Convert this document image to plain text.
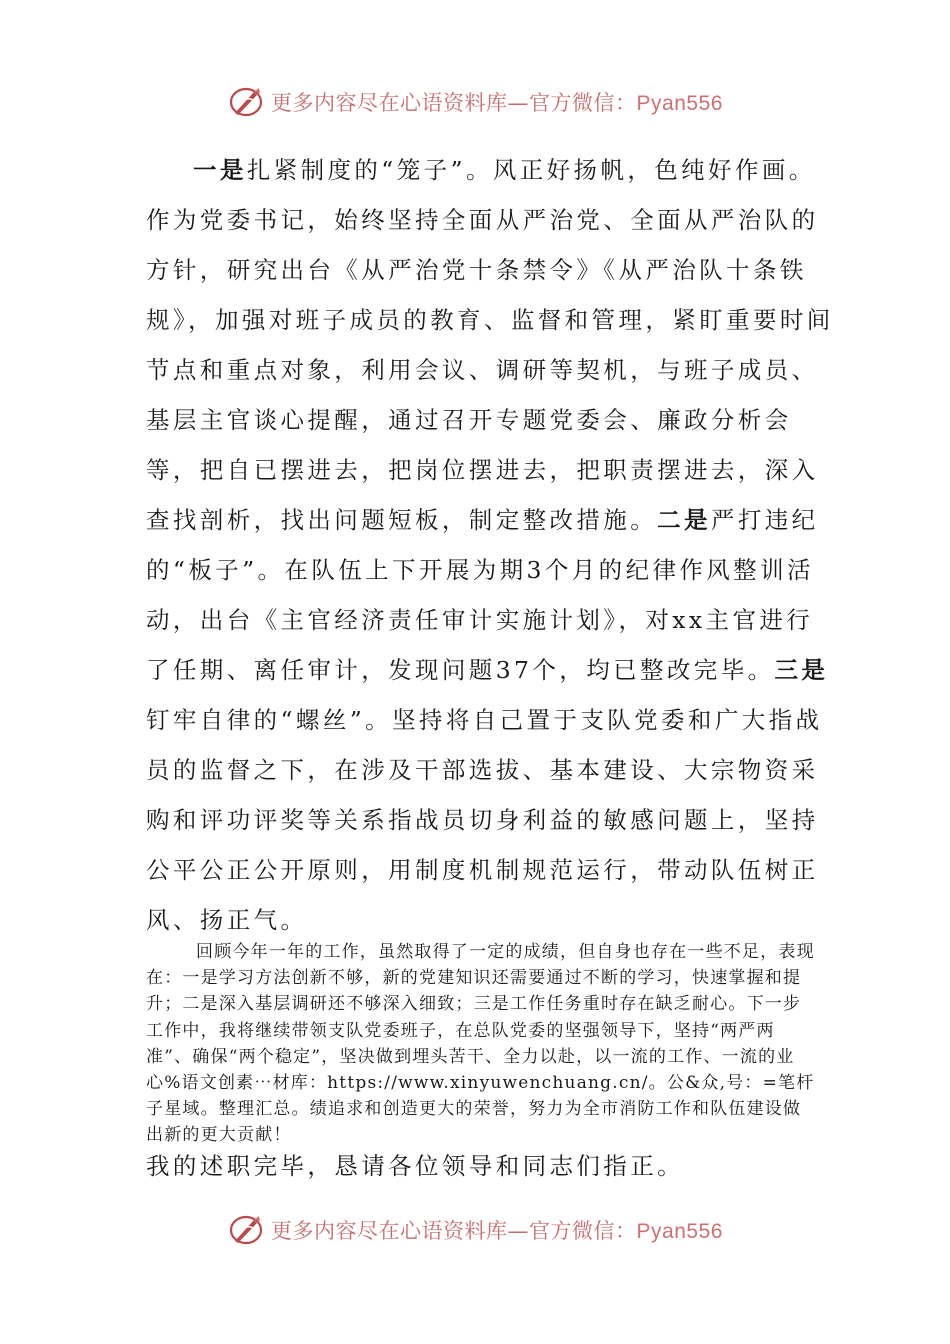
更多内容尽在心语资料库—官方微信：Pyan556

一是扎紧制度的“笼子”。风正好扬帆，色纯好作画。作为党委书记，始终坚持全面从严治党、全面从严治队的方针，研究出台《从严治党十条禁令》《从严治队十条铁规》，加强对班子成员的教育、监督和管理，紧盯重要时间节点和重点对象，利用会议、调研等契机，与班子成员、基层主官谈心提醒，通过召开专题党委会、廉政分析会等，把自已摆进去，把岗位摆进去，把职责摆进去，深入查找剖析，找出问题短板，制定整改措施。二是严打违纪的“板子”。在队伍上下开展为期3个月的纪律作风整训活动，出台《主官经济责任审计实施计划》，对xx主官进行了任期、离任审计，发现问题37个，均已整改完毕。三是钉牢自律的“螺丝”。坚持将自己置于支队党委和广大指战员的监督之下，在涉及干部选拔、基本建设、大宗物资采购和评功评奖等关系指战员切身利益的敏感问题上，坚持公平公正公开原则，用制度机制规范运行，带动队伍树正风、扬正气。

回顾今年一年的工作，虽然取得了一定的成绩，但自身也存在一些不足，表现在：一是学习方法创新不够，新的党建知识还需要通过不断的学习，快速掌握和提升；二是深入基层调研还不够深入细致；三是工作任务重时存在缺乏耐心。下一步工作中，我将继续带领支队党委班子，在总队党委的坚强领导下，坚持“两严两准”、确保“两个稳定”，坚决做到埋头苦干、全力以赴，以一流的工作、一流的业心%语文创素⋯材库：https://www.xinyuwenchuang.cn/。公&众,号：=笔杆子星域。整理汇总。绩追求和创造更大的荣誉，努力为全市消防工作和队伍建设做出新的更大贡献！

我的述职完毕，恳请各位领导和同志们指正。

更多内容尽在心语资料库—官方微信：Pyan556
